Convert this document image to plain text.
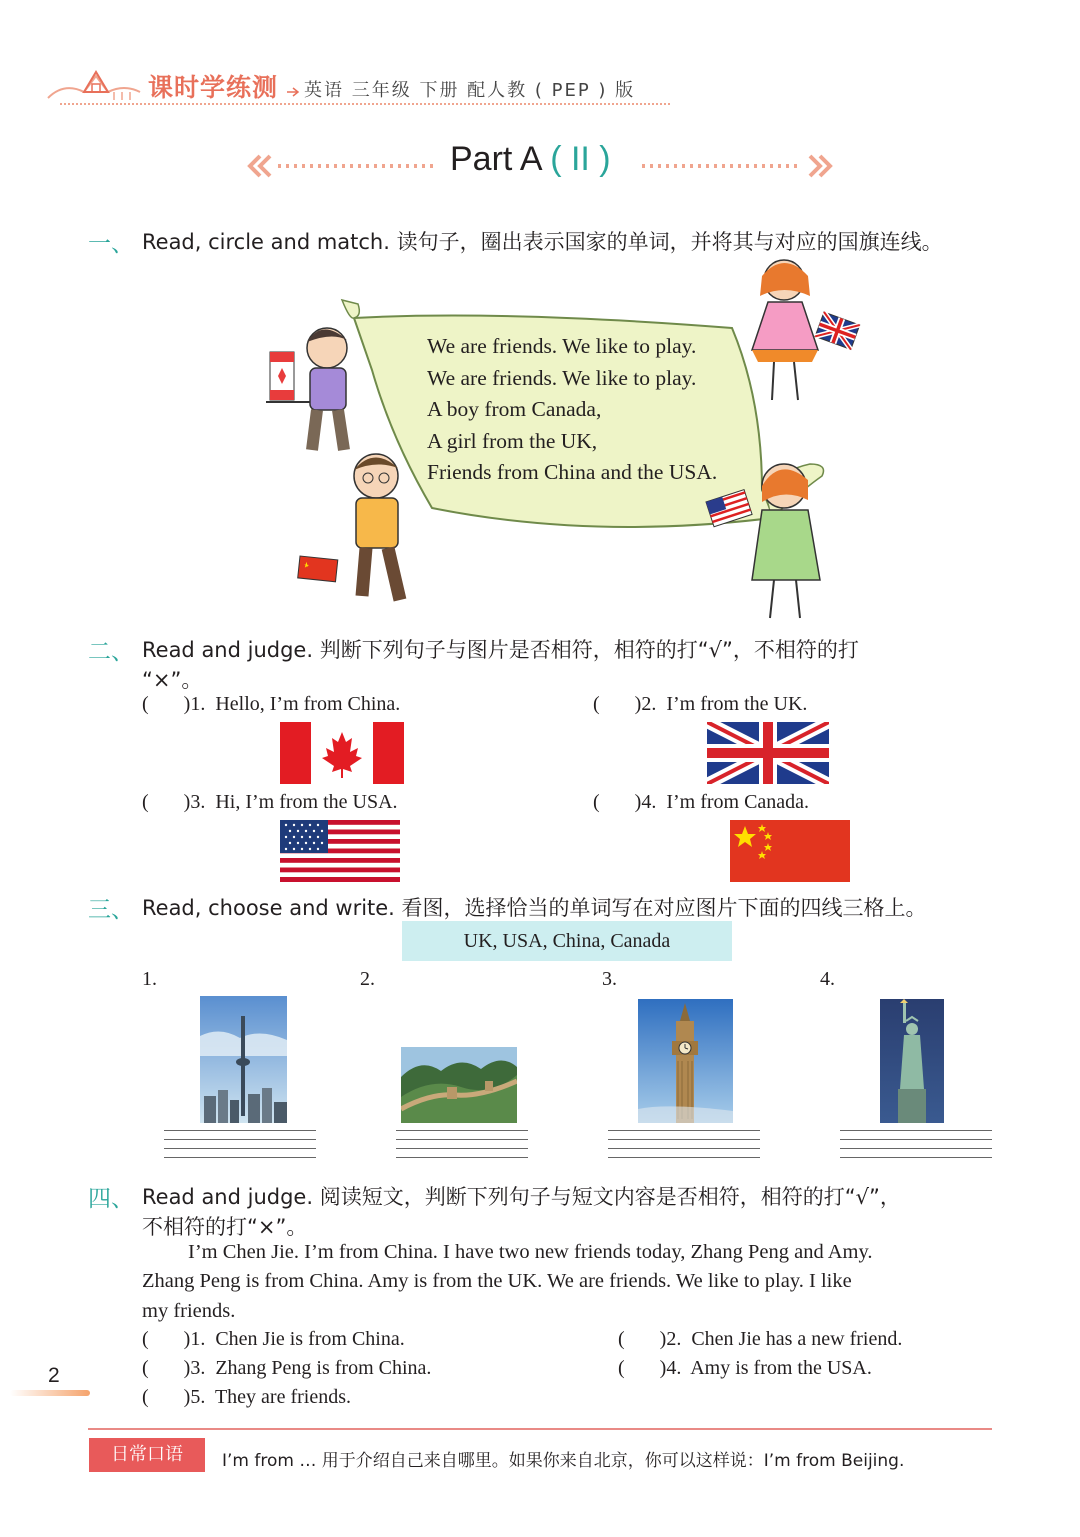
课时学练测 英语 三年级 下册 配人教 ( PEP ) 版
Part A ( II )
一、 Read, circle and match. 读句子，圈出表示国家的单词，并将其与对应的国旗连线。
We are friends. We like to play.
We are friends. We like to play.
A boy from Canada,
A girl from the UK,
Friends from China and the USA.
二、 Read and judge. 判断下列句子与图片是否相符，相符的打“√”，不相符的打
“×”。
(       )1.  Hello, I’m from China.	(       )2.  I’m from the UK.
(       )3.  Hi, I’m from the USA.	(       )4.  I’m from Canada.
三、 Read, choose and write. 看图，选择恰当的单词写在对应图片下面的四线三格上。
UK, USA, China, Canada
1.	2.	3.	4.
四、 Read and judge. 阅读短文，判断下列句子与短文内容是否相符，相符的打“√”，
不相符的打“×”。
I’m Chen Jie. I’m from China. I have two new friends today, Zhang Peng and Amy.
Zhang Peng is from China. Amy is from the UK. We are friends. We like to play. I like
my friends.
(       )1.  Chen Jie is from China.	(       )2.  Chen Jie has a new friend.
(       )3.  Zhang Peng is from China.	(       )4.  Amy is from the USA.
(       )5.  They are friends.
2
日常口语	I’m from … 用于介绍自己来自哪里。如果你来自北京，你可以这样说：I’m from Beijing.
